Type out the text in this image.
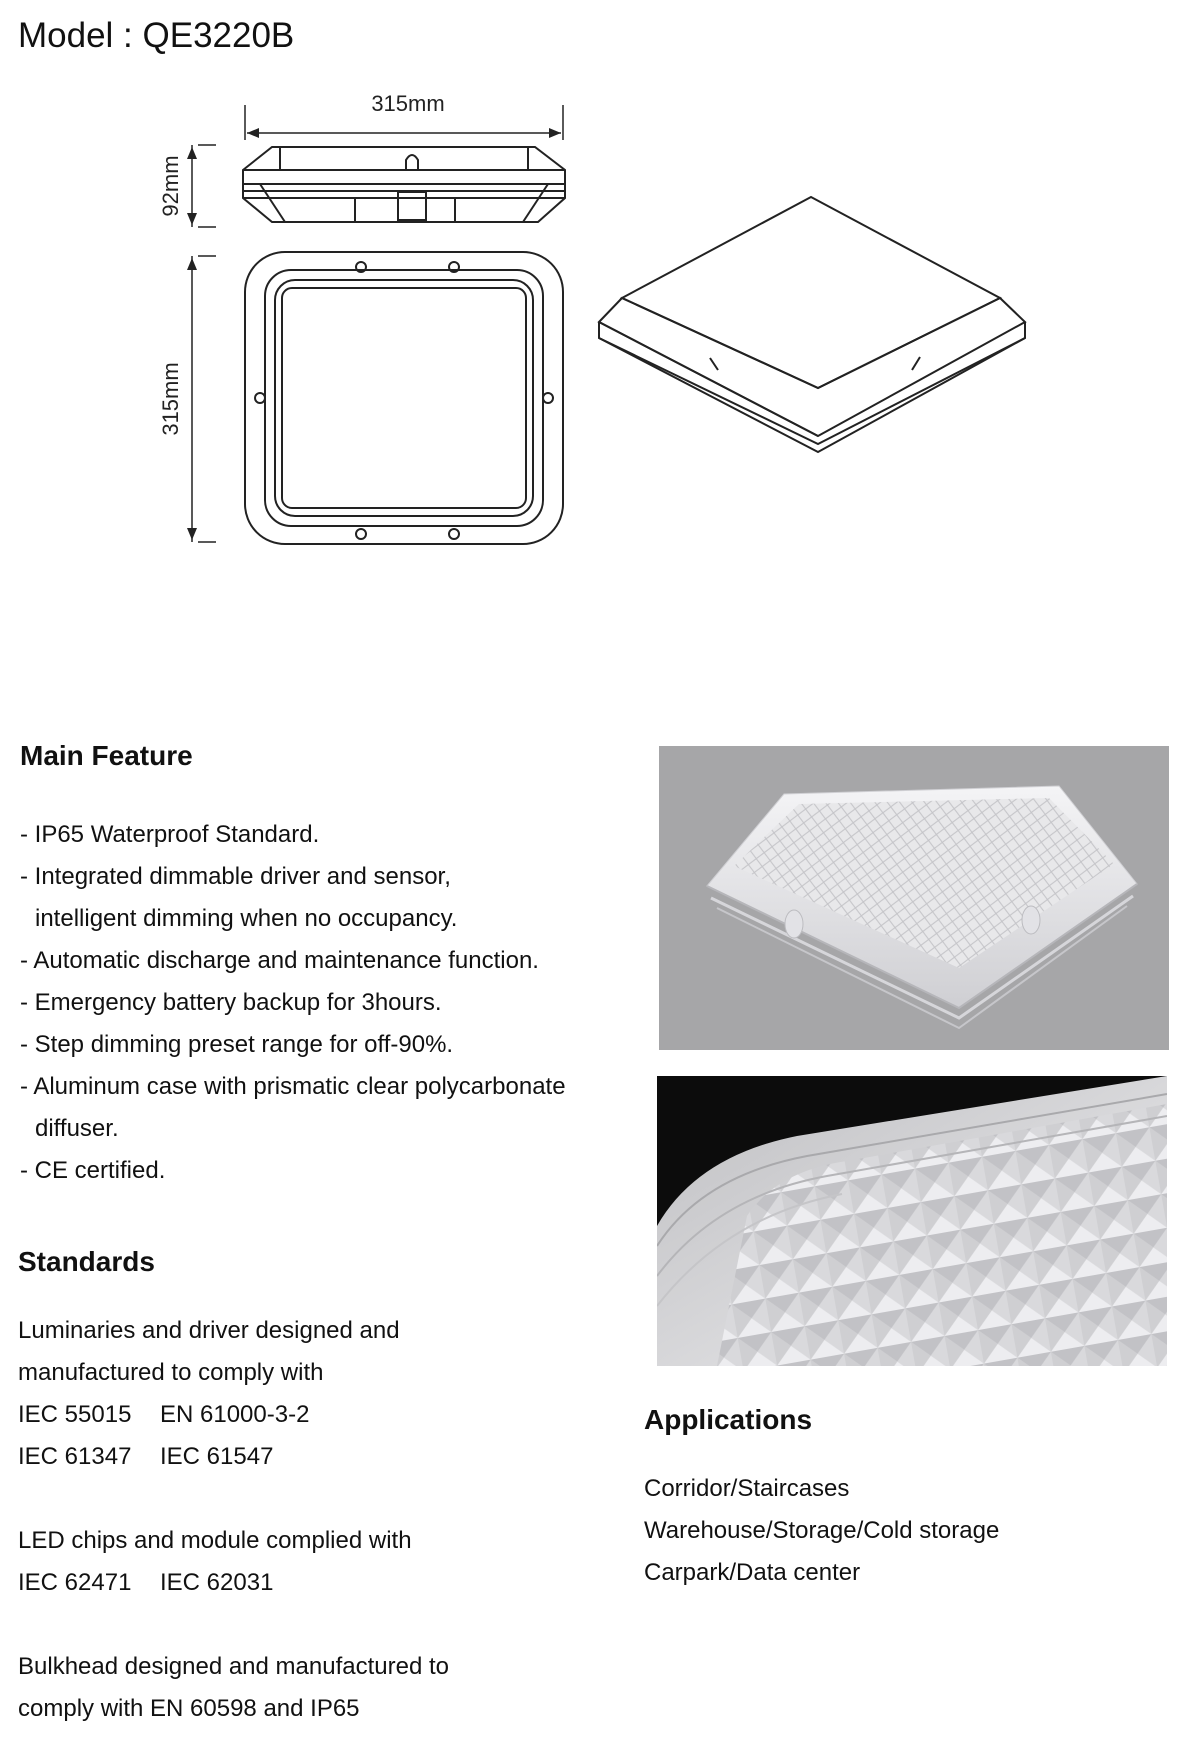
Model : QE3220B
315mm
92mm
315mm
Main Feature
- IP65 Waterproof Standard.
- Integrated dimmable driver and sensor,
intelligent dimming when no occupancy.
- Automatic discharge and maintenance function.
- Emergency battery backup for 3hours.
- Step dimming preset range for off-90%.
- Aluminum case with prismatic clear polycarbonate
diffuser.
- CE certified.
Standards
Luminaries and driver designed and
manufactured to comply with
IEC 55015 EN 61000-3-2
IEC 61347 IEC 61547
LED chips and module complied with
IEC 62471 IEC 62031
Bulkhead designed and manufactured to
comply with EN 60598 and IP65
Applications
Corridor/Staircases
Warehouse/Storage/Cold storage
Carpark/Data center
